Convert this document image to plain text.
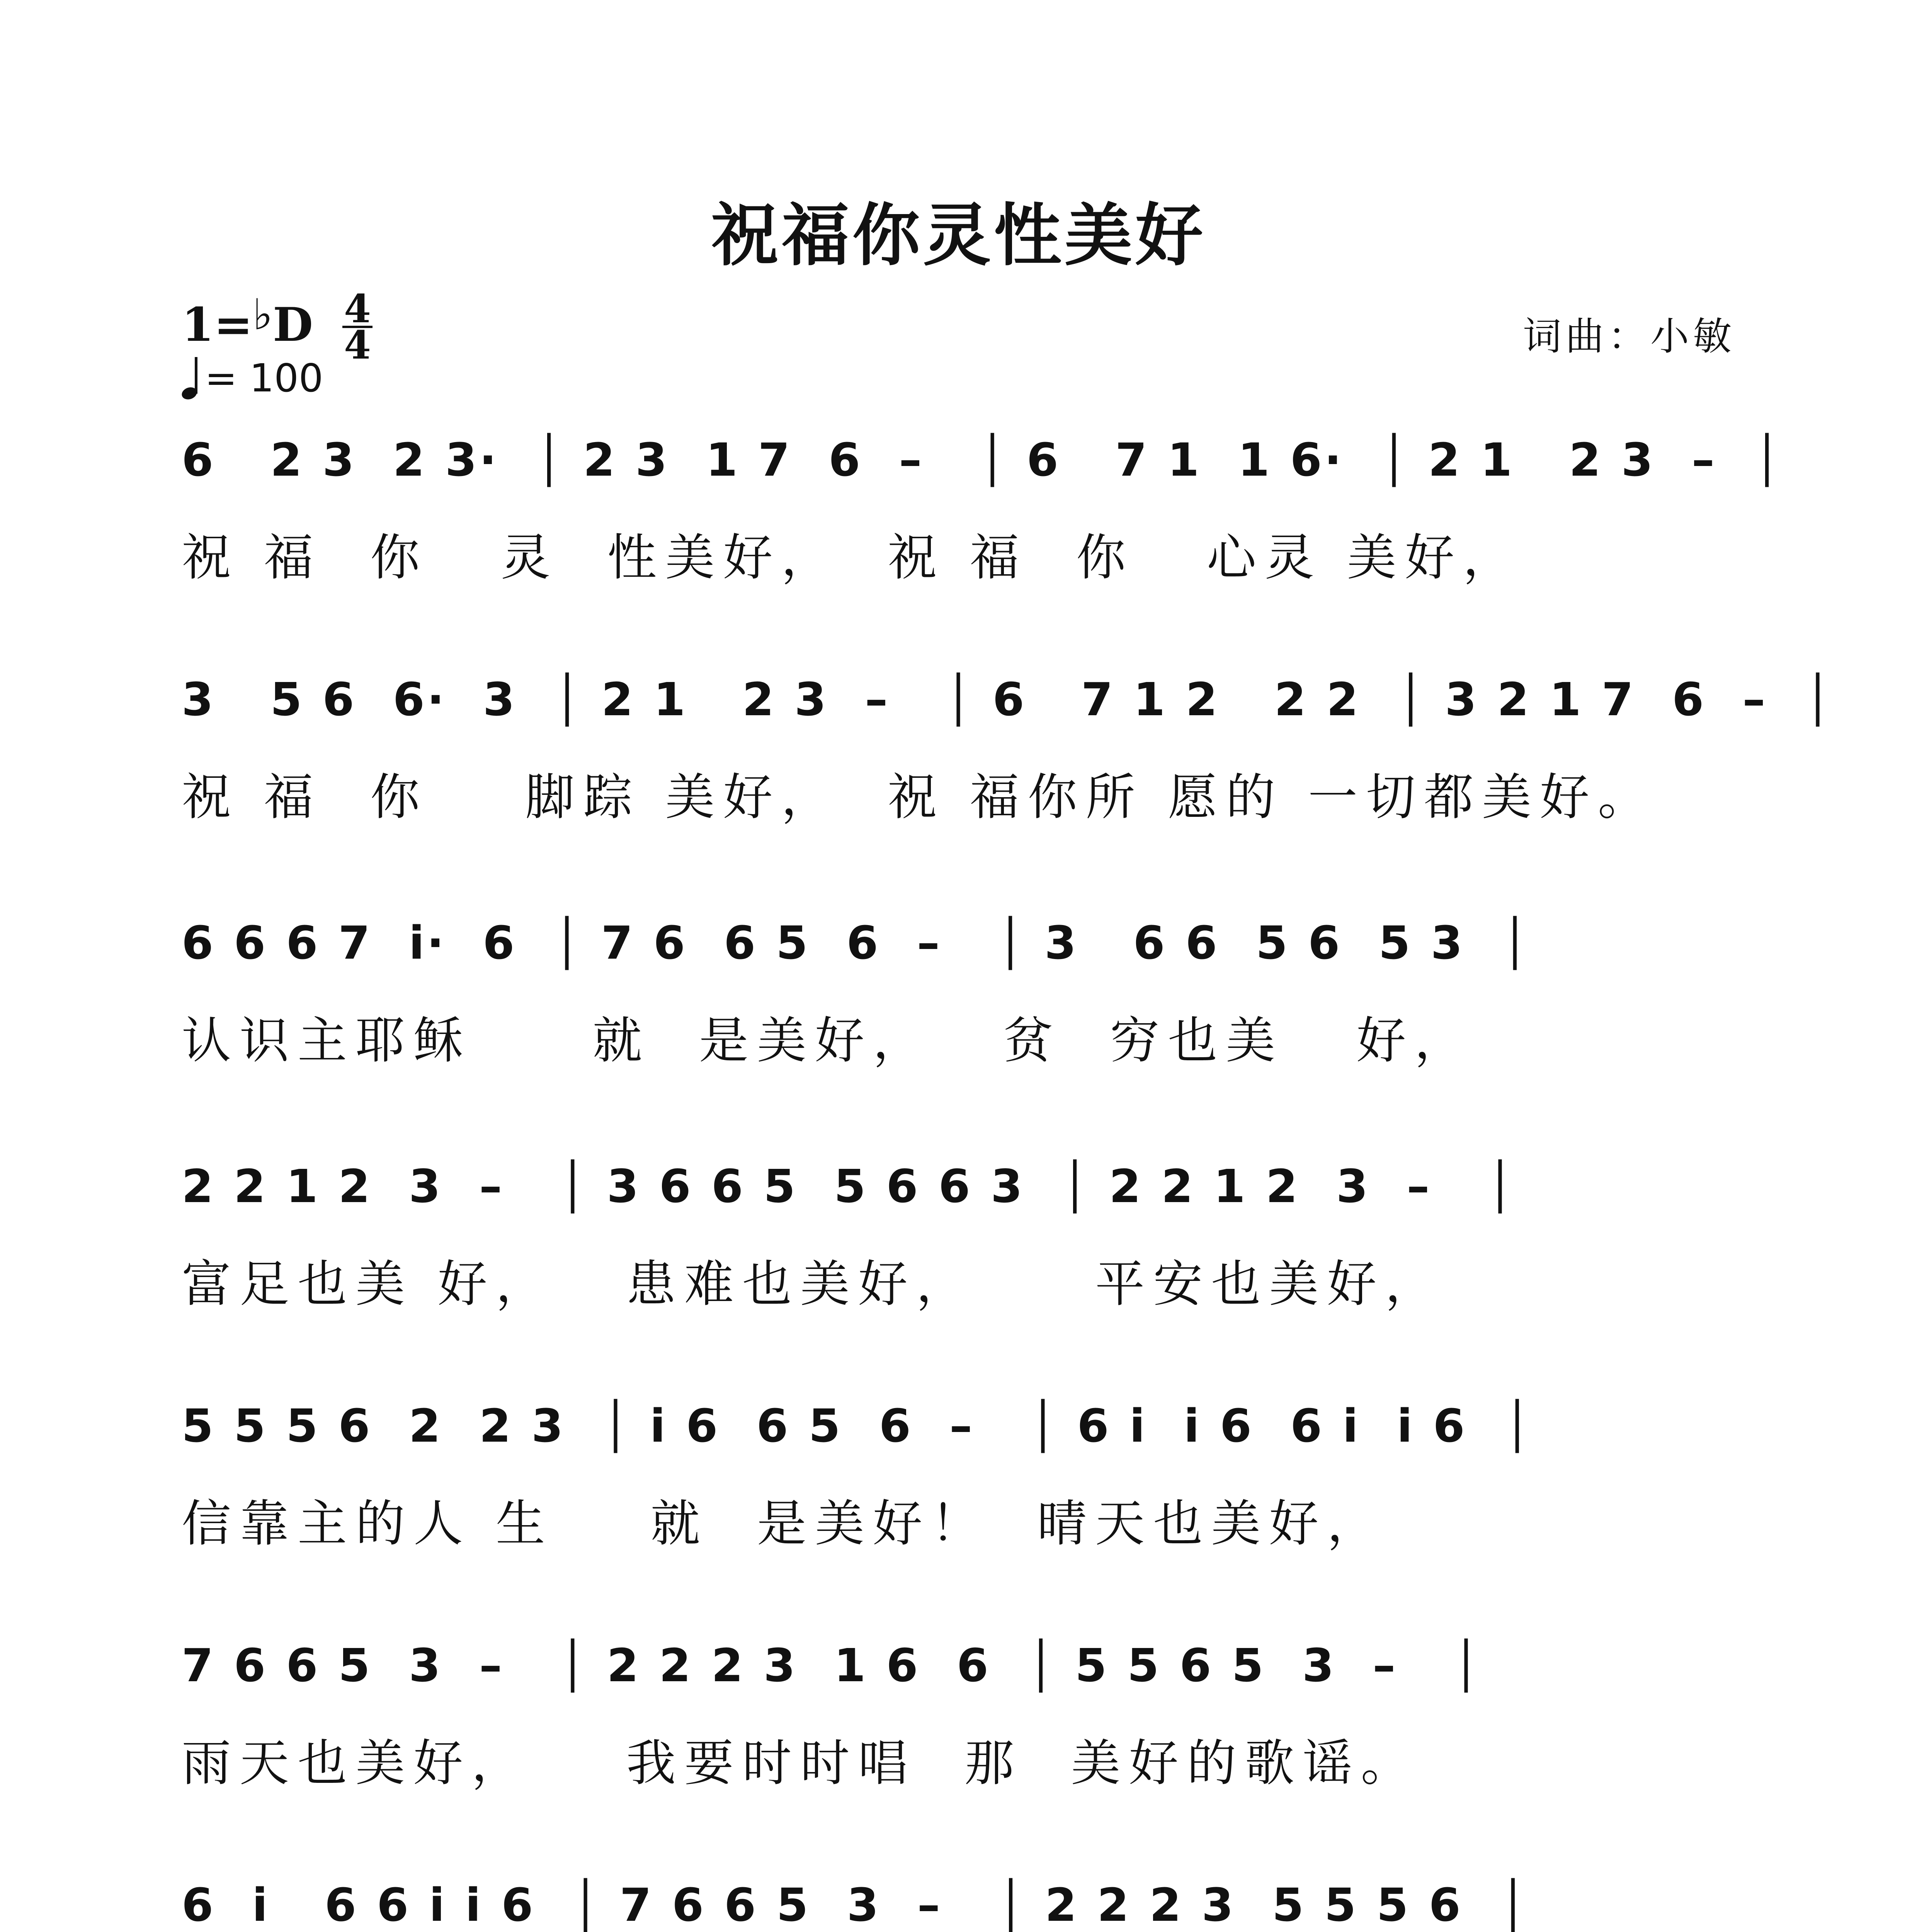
祝福你灵性美好
1=♭D 4
4
= 100
词曲：小敏
6   2 3  2 3·  │ 2 3  1 7  6  –   │ 6   7 1  1 6·  │ 2 1   2 3  –  │
祝 福  你   灵  性美好，  祝 福  你   心灵 美好，
3   5 6  6·  3  │ 2 1   2 3  –   │ 6   7 1 2   2 2  │ 3 2 1 7  6  –  │
祝 福  你    脚踪 美好，  祝 福你所 愿的 一切都美好。
6 6 6 7  i·  6  │ 7 6  6 5  6  –   │ 3   6 6  5 6  5 3  │
认识主耶稣     就  是美好，   贫  穷也美   好，
2 2 1 2  3  –   │ 3 6 6 5  5 6 6 3  │ 2 2 1 2  3  –   │
富足也美 好，   患难也美好，     平安也美好，
5 5 5 6  2  2 3  │ i 6  6 5  6  –   │ 6 i  i 6  6 i  i 6  │
信靠主的人 生    就  是美好！  晴天也美好，
7 6 6 5  3  –   │ 2 2 2 3  1 6  6  │ 5 5 6 5  3  –   │
雨天也美好，    我要时时唱  那  美好的歌谣。
6  i   6 6 i i 6  │ 7 6 6 5  3  –   │ 2 2 2 3  5 5 5 6  │
